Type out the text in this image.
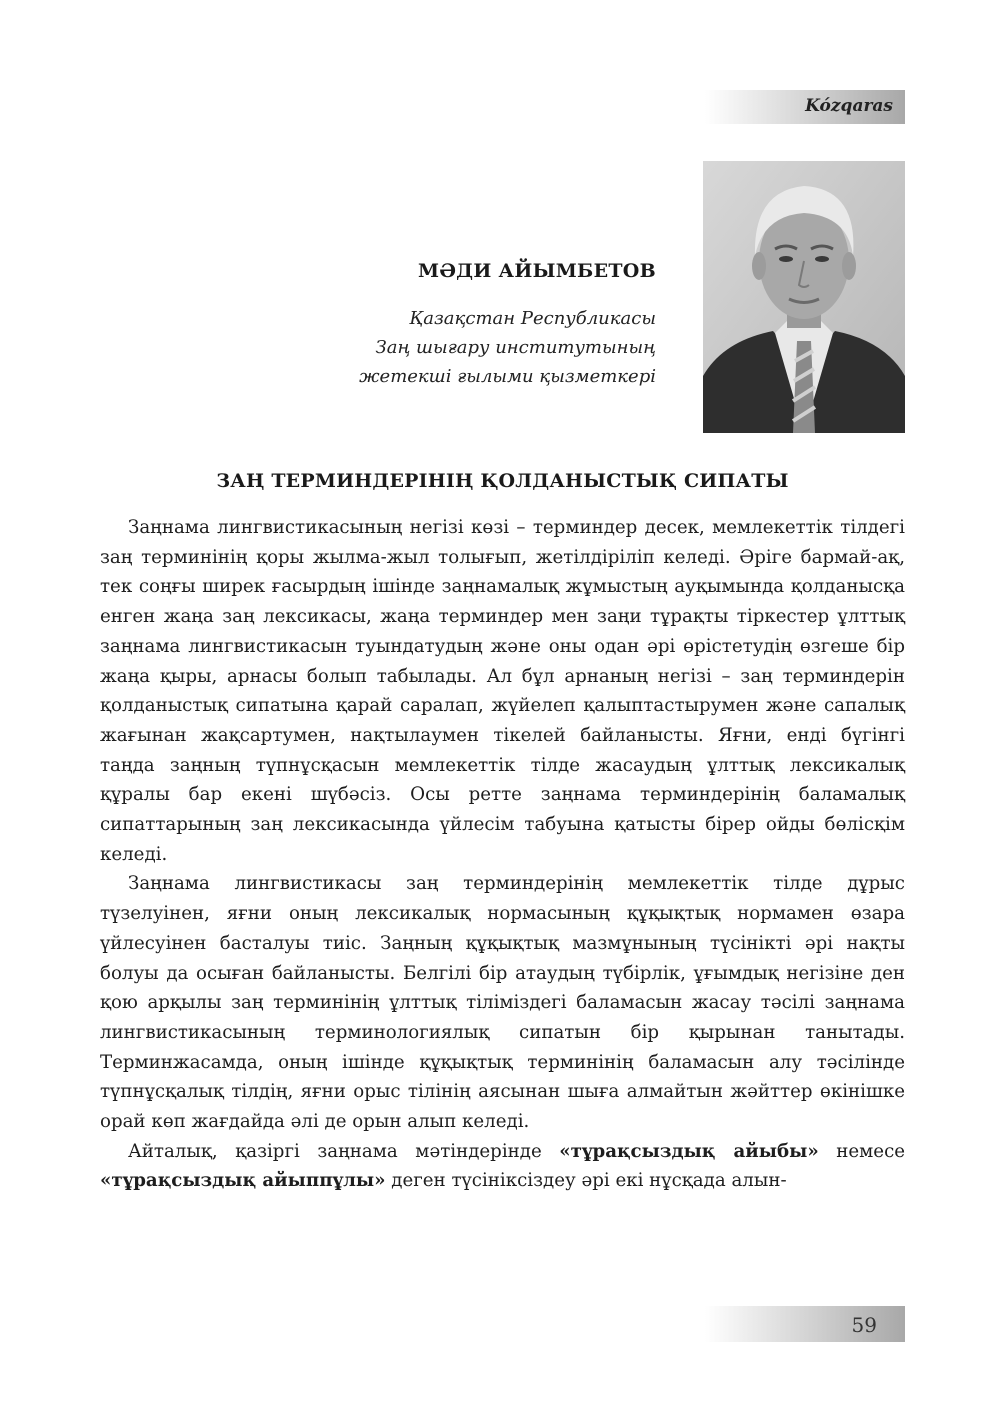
Kózqaras
МӘДИ АЙЫМБЕТОВ
Қазақстан Республикасы
Заң шығару институтының
жетекші ғылыми қызметкері
ЗАҢ ТЕРМИНДЕРІНІҢ ҚОЛДАНЫСТЫҚ СИПАТЫ

Заңнама лингвистикасының негізі көзі – терминдер десек, мемлекеттік тілдегі заң терминінің қоры жылма-жыл толығып, жетілдіріліп келеді. Әріге бармай-ақ, тек соңғы ширек ғасырдың ішінде заңнамалық жұмыстың ауқымында қолданысқа енген жаңа заң лексикасы, жаңа терминдер мен заңи тұрақты тіркестер ұлттық заңнама лингвистикасын туындатудың және оны одан әрі өрістетудің өзгеше бір жаңа қыры, арнасы болып табылады. Ал бұл арнаның негізі – заң терминдерін қолданыстық сипатына қарай саралап, жүйелеп қалыптастырумен және сапалық жағынан жақсартумен, нақтылаумен тікелей байланысты. Яғни, енді бүгінгі таңда заңның түпнұсқасын мемлекеттік тілде жасаудың ұлттық лексикалық құралы бар екені шүбәсіз. Осы ретте заңнама терминдерінің баламалық сипаттарының заң лексикасында үйлесім табуына қатысты бірер ойды бөлісқім келеді.

Заңнама лингвистикасы заң терминдерінің мемлекеттік тілде дұрыс түзелуінен, яғни оның лексикалық нормасының құқықтық нормамен өзара үйлесуінен басталуы тиіс. Заңның құқықтық мазмұнының түсінікті әрі нақты болуы да осыған байланысты. Белгілі бір атаудың түбірлік, ұғымдық негізіне ден қою арқылы заң терминінің ұлттық тіліміздегі баламасын жасау тәсілі заңнама лингвистикасының терминологиялық сипатын бір қырынан танытады. Терминжасамда, оның ішінде құқықтық терминінің баламасын алу тәсілінде түпнұсқалық тілдің, яғни орыс тілінің аясынан шыға алмайтын жәйттер өкінішке орай көп жағдайда әлі де орын алып келеді.

Айталық, қазіргі заңнама мәтіндерінде «тұрақсыздық айыбы» немесе «тұрақсыздық айыппұлы» деген түсініксіздеу әрі екі нұсқада алын-

59
